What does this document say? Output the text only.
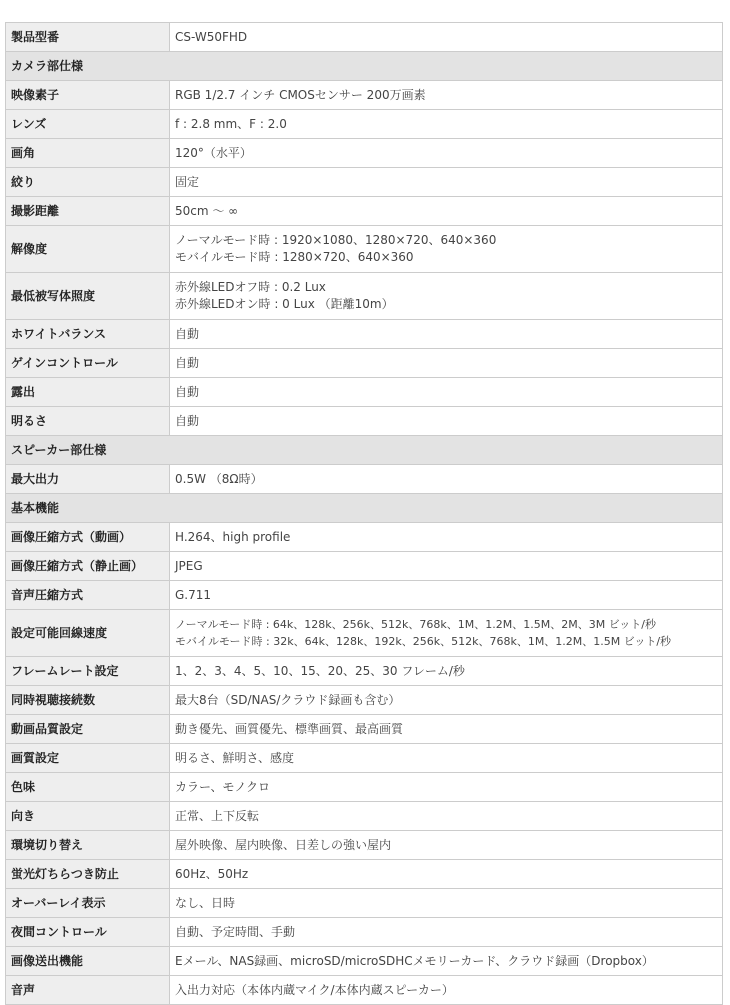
製品型番	CS-W50FHD
カメラ部仕様	
映像素子	RGB 1/2.7 インチ CMOSセンサー 200万画素
レンズ	f : 2.8 mm、F : 2.0
画角	120°（水平）
絞り	固定
撮影距離	50cm ～ ∞
解像度	ノーマルモード時 : 1920×1080、1280×720、640×360
モバイルモード時 : 1280×720、640×360

最低被写体照度	赤外線LEDオフ時 : 0.2 Lux
赤外線LEDオン時 : 0 Lux （距離10m）

ホワイトバランス	自動
ゲインコントロール	自動
露出	自動
明るさ	自動
スピーカー部仕様	
最大出力	0.5W （8Ω時）
基本機能	
画像圧縮方式（動画）	H.264、high profile
画像圧縮方式（静止画）	JPEG
音声圧縮方式	G.711
設定可能回線速度	ノーマルモード時 : 64k、128k、256k、512k、768k、1M、1.2M、1.5M、2M、3M ビット/秒
モバイルモード時 : 32k、64k、128k、192k、256k、512k、768k、1M、1.2M、1.5M ビット/秒

フレームレート設定	1、2、3、4、5、10、15、20、25、30 フレーム/秒
同時視聴接続数	最大8台（SD/NAS/クラウド録画も含む）
動画品質設定	動き優先、画質優先、標準画質、最高画質
画質設定	明るさ、鮮明さ、感度
色味	カラー、モノクロ
向き	正常、上下反転
環境切り替え	屋外映像、屋内映像、日差しの強い屋内
蛍光灯ちらつき防止	60Hz、50Hz
オーバーレイ表示	なし、日時
夜間コントロール	自動、予定時間、手動
画像送出機能	Eメール、NAS録画、microSD/microSDHCメモリーカード、クラウド録画（Dropbox）
音声	入出力対応（本体内蔵マイク/本体内蔵スピーカー）
